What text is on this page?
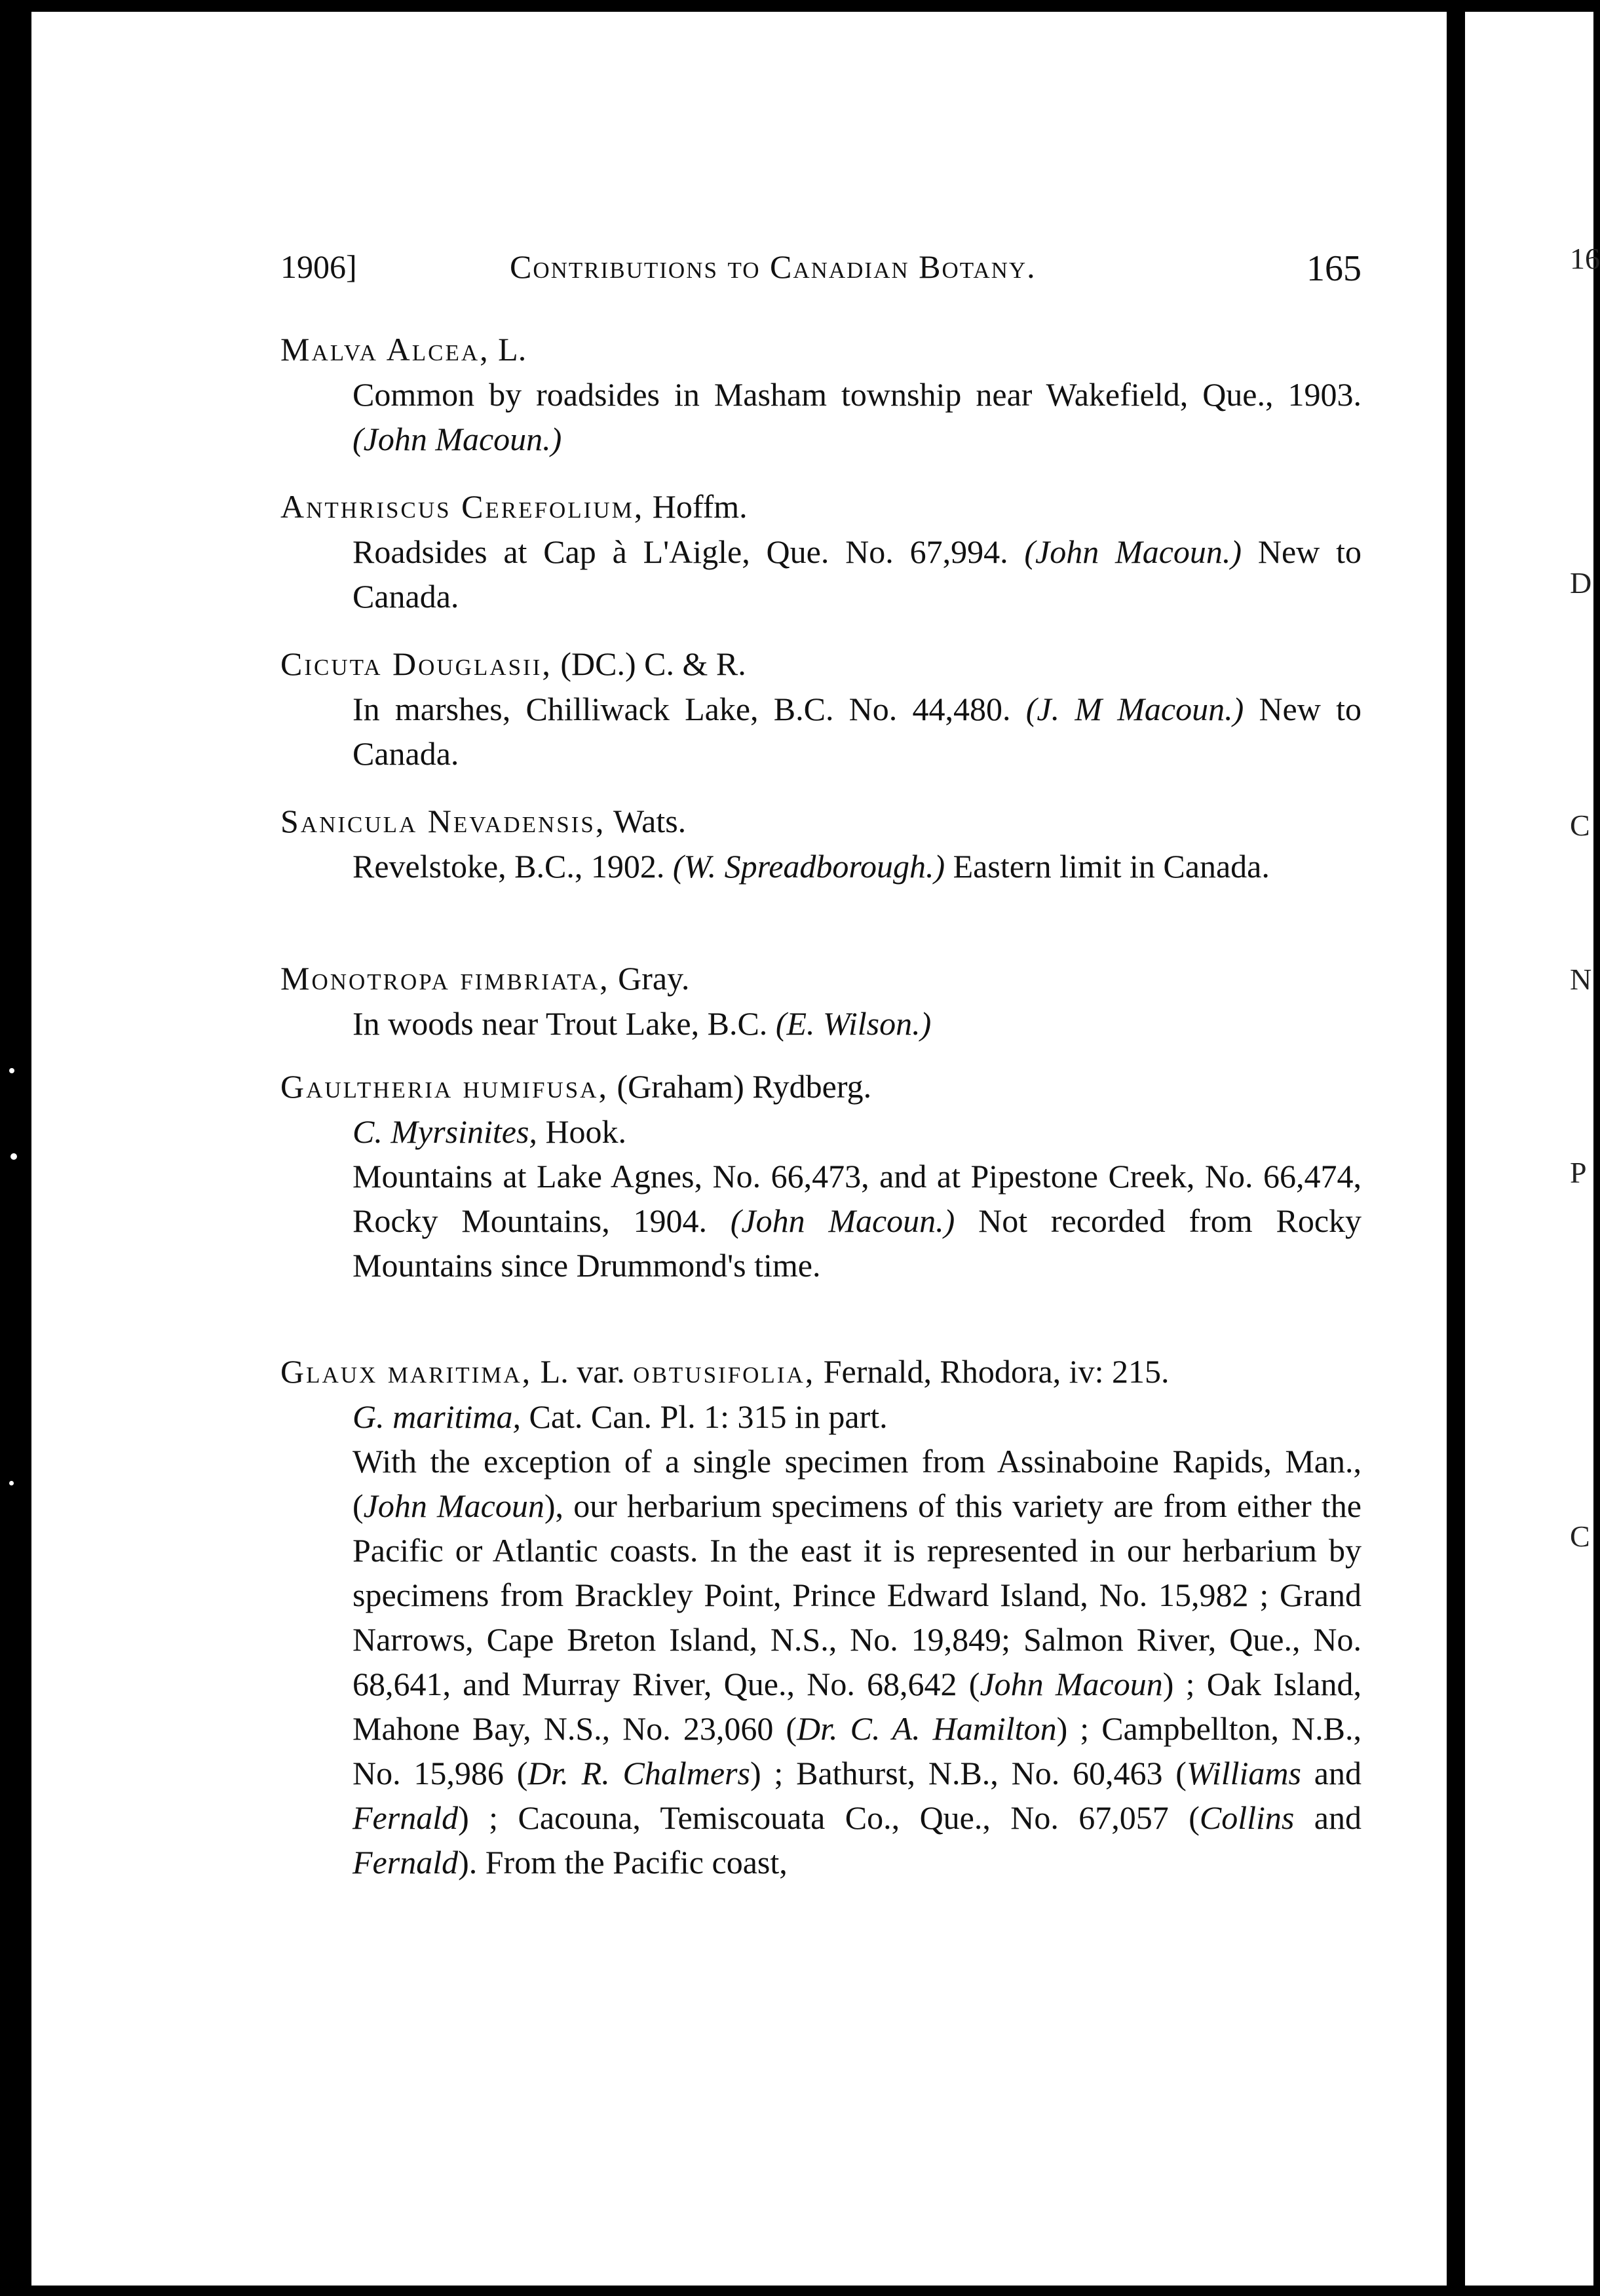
1906]	Contributions to Canadian Botany.	165
Malva Alcea, L.
Common by roadsides in Masham township near Wakefield, Que., 1903. (John Macoun.)
Anthriscus Cerefolium, Hoffm.
Roadsides at Cap à L'Aigle, Que. No. 67,994. (John Macoun.) New to Canada.
Cicuta Douglasii, (DC.) C. & R.
In marshes, Chilliwack Lake, B.C. No. 44,480. (J. M Macoun.) New to Canada.
Sanicula Nevadensis, Wats.
Revelstoke, B.C., 1902. (W. Spreadborough.) Eastern limit in Canada.
Monotropa fimbriata, Gray.
In woods near Trout Lake, B.C. (E. Wilson.)
Gaultheria humifusa, (Graham) Rydberg.
C. Myrsinites, Hook.
Mountains at Lake Agnes, No. 66,473, and at Pipestone Creek, No. 66,474, Rocky Mountains, 1904. (John Macoun.) Not recorded from Rocky Mountains since Drummond's time.
Glaux maritima, L. var. obtusifolia, Fernald, Rhodora, iv: 215.
G. maritima, Cat. Can. Pl. 1: 315 in part.
With the exception of a single specimen from Assinaboine Rapids, Man., (John Macoun), our herbarium specimens of this variety are from either the Pacific or Atlantic coasts. In the east it is represented in our herbarium by specimens from Brackley Point, Prince Edward Island, No. 15,982 ; Grand Narrows, Cape Breton Island, N.S., No. 19,849; Salmon River, Que., No. 68,641, and Murray River, Que., No. 68,642 (John Macoun) ; Oak Island, Mahone Bay, N.S., No. 23,060 (Dr. C. A. Hamilton) ; Campbellton, N.B., No. 15,986 (Dr. R. Chalmers) ; Bathurst, N.B., No. 60,463 (Williams and Fernald) ; Cacouna, Temiscouata Co., Que., No. 67,057 (Collins and Fernald). From the Pacific coast,
16
D
C
N
P
C
